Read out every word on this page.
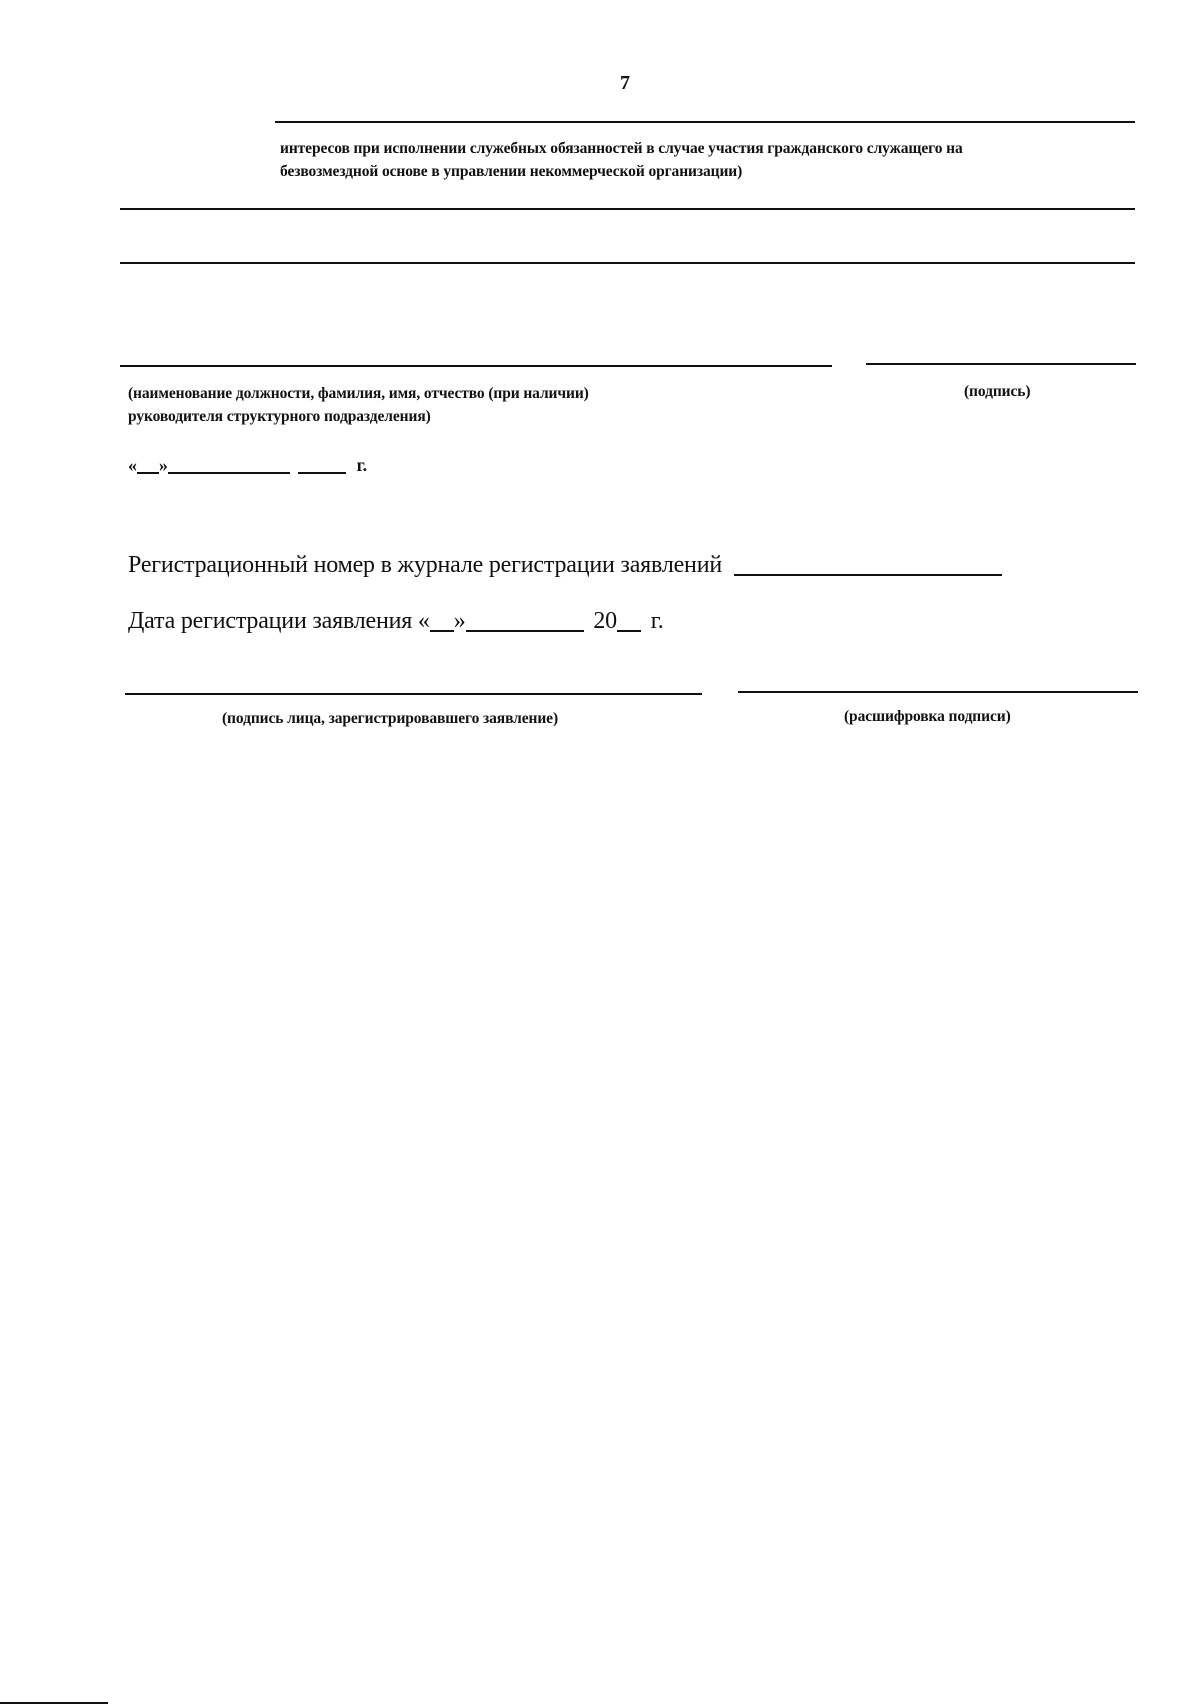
7
интересов при исполнении служебных обязанностей в случае участия гражданского служащего на
безвозмездной основе в управлении некоммерческой организации)
(наименование должности, фамилия, имя, отчество (при наличии)
руководителя структурного подразделения)
(подпись)
« »	г.
Регистрационный номер в журнале регистрации заявлений
Дата регистрации заявления « »	20 г.
(подпись лица, зарегистрировавшего заявление)	(расшифровка подписи)
